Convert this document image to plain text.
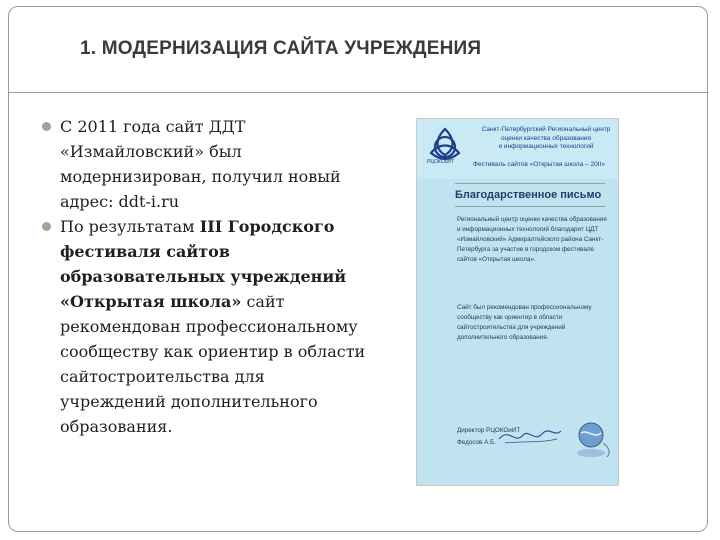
1. МОДЕРНИЗАЦИЯ САЙТА УЧРЕЖДЕНИЯ
С 2011 года сайт ДДТ «Измайловский» был модернизирован, получил новый адрес: ddt-i.ru
По результатам III Городского фестиваля сайтов образовательных учреждений «Открытая школа» сайт рекомендован профессиональному сообществу как ориентир в области сайтостроительства для учреждений дополнительного образования.
РЦОКОиИТ
Санкт-Петербургский Региональный центр
оценки качества образования
и информационных технологий
Фестиваль сайтов «Открытая школа – 20II»
Благодарственное письмо
Региональный центр оценки качества образования и информационных технологий благодарит ЦДТ «Измайловский» Адмиралтейского района Санкт-Петербурга за участие в городском фестивале сайтов «Открытая школа».
Сайт был рекомендован профессиональному сообществу как ориентир в области сайтостроительства для учреждений дополнительного образования.
Директор РЦОКОиИТ
Федосов А.Б.
